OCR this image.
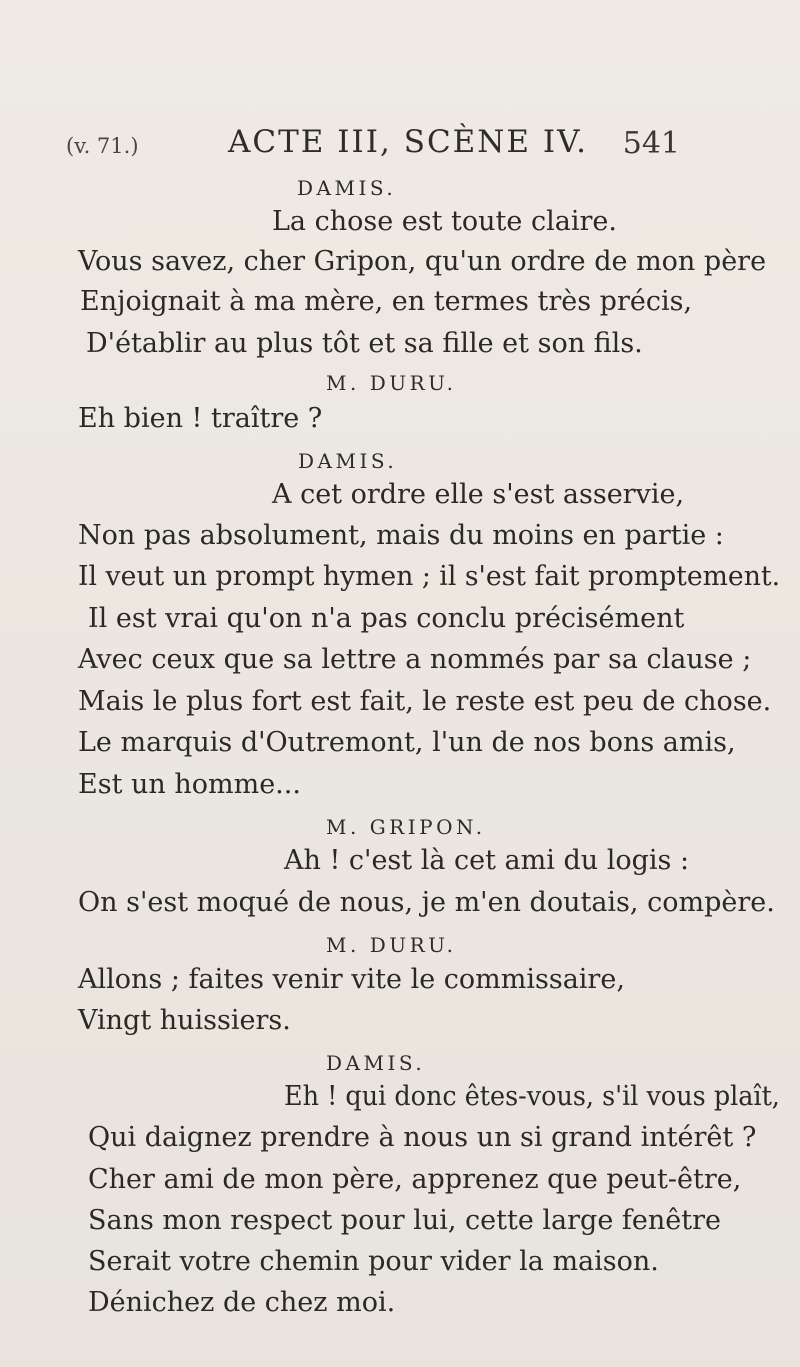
(v. 71.)	ACTE III, SCÈNE IV. 541
DAMIS.
La chose est toute claire.
Vous savez, cher Gripon, qu'un ordre de mon père
Enjoignait à ma mère, en termes très précis,
D'établir au plus tôt et sa fille et son fils.
M. DURU.
Eh bien ! traître ?
DAMIS.
A cet ordre elle s'est asservie,
Non pas absolument, mais du moins en partie :
Il veut un prompt hymen ; il s'est fait promptement.
Il est vrai qu'on n'a pas conclu précisément
Avec ceux que sa lettre a nommés par sa clause ;
Mais le plus fort est fait, le reste est peu de chose.
Le marquis d'Outremont, l'un de nos bons amis,
Est un homme...
M. GRIPON.
Ah ! c'est là cet ami du logis :
On s'est moqué de nous, je m'en doutais, compère.
M. DURU.
Allons ; faites venir vite le commissaire,
Vingt huissiers.
DAMIS.
Eh ! qui donc êtes-vous, s'il vous plaît,
Qui daignez prendre à nous un si grand intérêt ?
Cher ami de mon père, apprenez que peut-être,
Sans mon respect pour lui, cette large fenêtre
Serait votre chemin pour vider la maison.
Dénichez de chez moi.
